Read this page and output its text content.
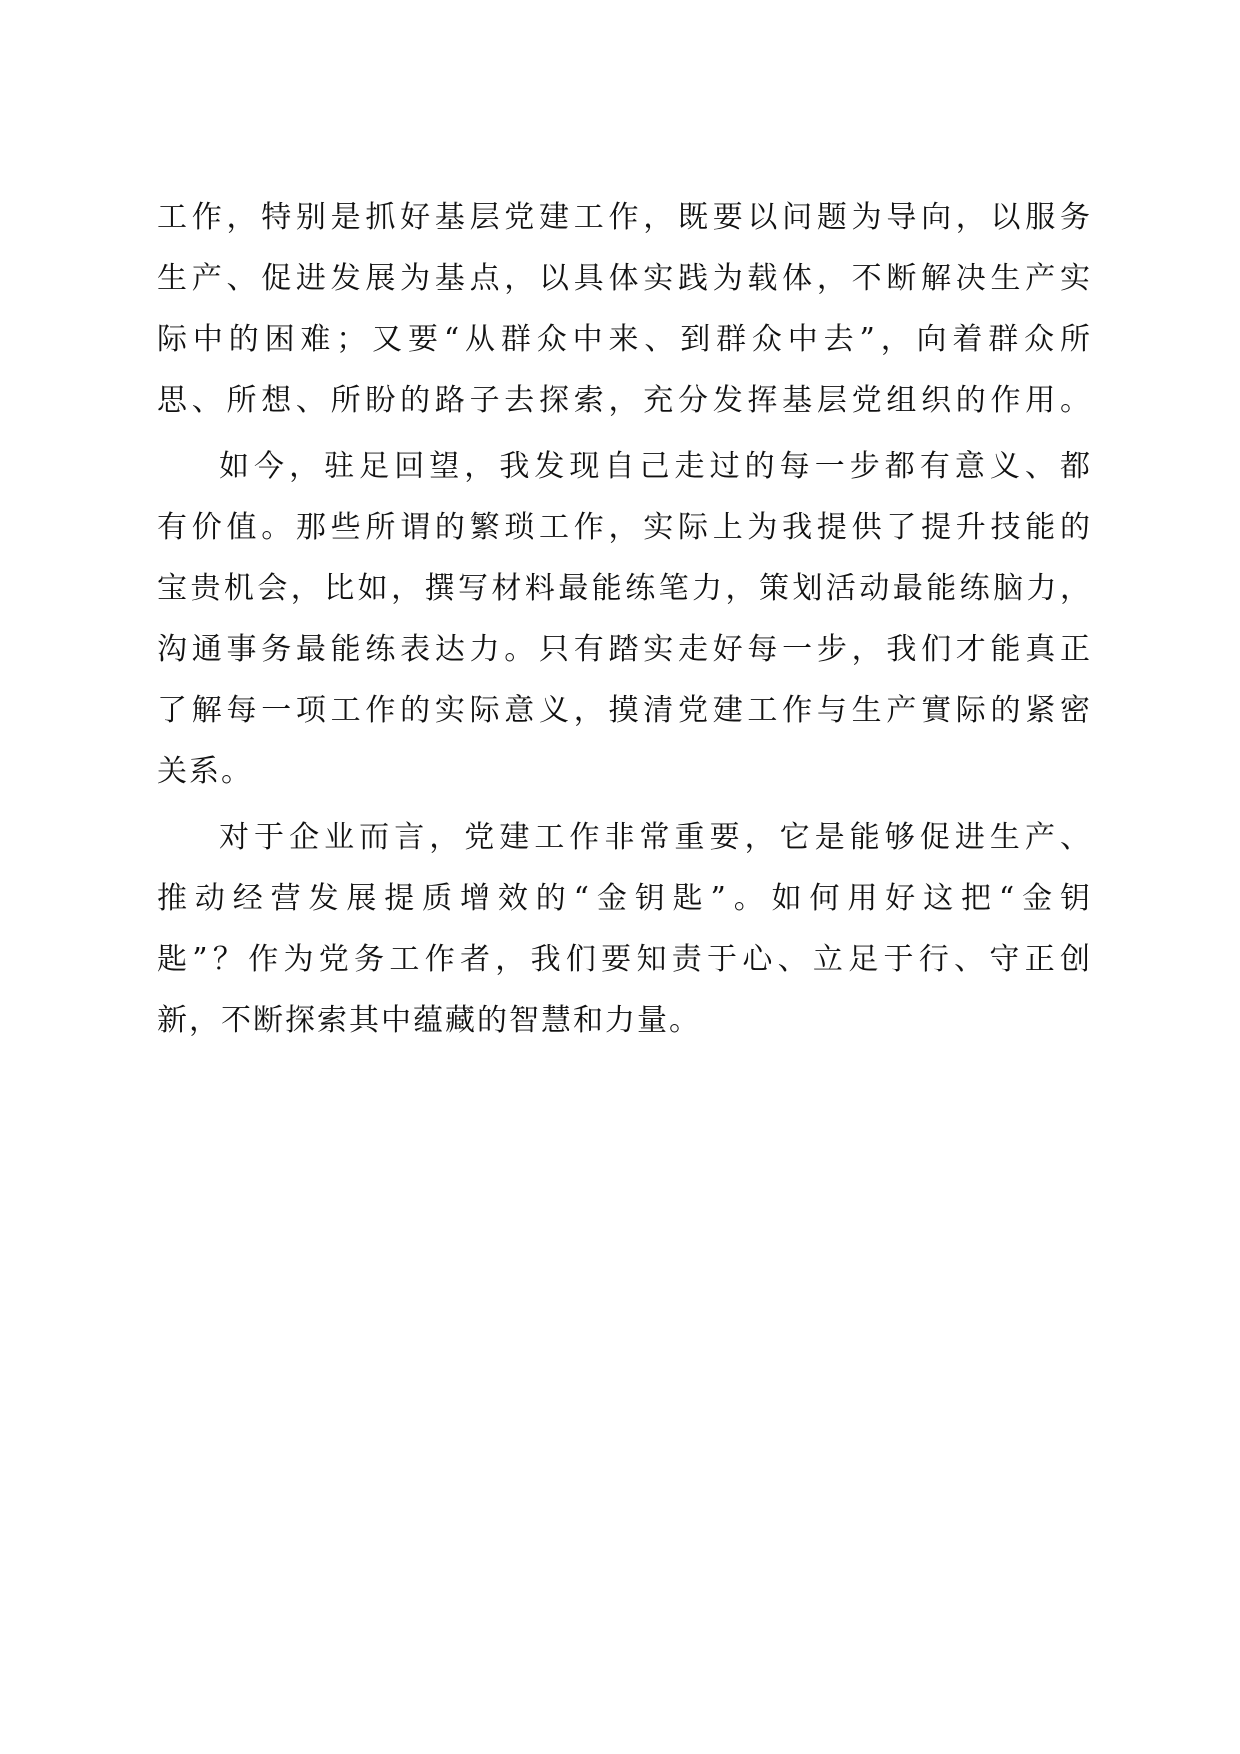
工作，特别是抓好基层党建工作，既要以问题为导向，以服务
生产、促进发展为基点，以具体实践为载体，不断解决生产实
际中的困难；又要“从群众中来、到群众中去”，向着群众所
思、所想、所盼的路子去探索，充分发挥基层党组织的作用。
如今，驻足回望，我发现自己走过的每一步都有意义、都
有价值。那些所谓的繁琐工作，实际上为我提供了提升技能的
宝贵机会，比如，撰写材料最能练笔力，策划活动最能练脑力，
沟通事务最能练表达力。只有踏实走好每一步，我们才能真正
了解每一项工作的实际意义，摸清党建工作与生产實际的紧密
关系。
对于企业而言，党建工作非常重要，它是能够促进生产、
推动经营发展提质增效的“金钥匙”。如何用好这把“金钥
匙”？作为党务工作者，我们要知责于心、立足于行、守正创
新，不断探索其中蕴藏的智慧和力量。
